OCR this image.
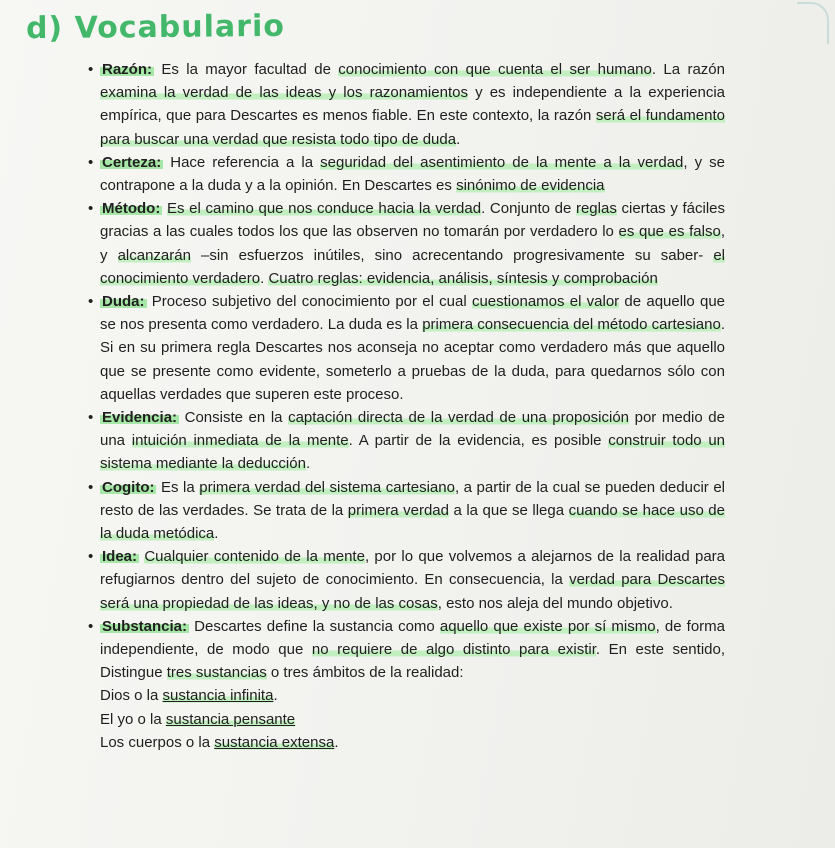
d) Vocabulario
• Razón: Es la mayor facultad de conocimiento con que cuenta el ser humano. La razón examina la verdad de las ideas y los razonamientos y es independiente a la experiencia empírica, que para Descartes es menos fiable. En este contexto, la razón será el fundamento para buscar una verdad que resista todo tipo de duda.
• Certeza: Hace referencia a la seguridad del asentimiento de la mente a la verdad, y se contrapone a la duda y a la opinión. En Descartes es sinónimo de evidencia
• Método: Es el camino que nos conduce hacia la verdad. Conjunto de reglas ciertas y fáciles gracias a las cuales todos los que las observen no tomarán por verdadero lo es que es falso, y alcanzarán –sin esfuerzos inútiles, sino acrecentando progresivamente su saber- el conocimiento verdadero. Cuatro reglas: evidencia, análisis, síntesis y comprobación
• Duda: Proceso subjetivo del conocimiento por el cual cuestionamos el valor de aquello que se nos presenta como verdadero. La duda es la primera consecuencia del método cartesiano. Si en su primera regla Descartes nos aconseja no aceptar como verdadero más que aquello que se presente como evidente, someterlo a pruebas de la duda, para quedarnos sólo con aquellas verdades que superen este proceso.
• Evidencia: Consiste en la captación directa de la verdad de una proposición por medio de una intuición inmediata de la mente. A partir de la evidencia, es posible construir todo un sistema mediante la deducción.
• Cogito: Es la primera verdad del sistema cartesiano, a partir de la cual se pueden deducir el resto de las verdades. Se trata de la primera verdad a la que se llega cuando se hace uso de la duda metódica.
• Idea: Cualquier contenido de la mente, por lo que volvemos a alejarnos de la realidad para refugiarnos dentro del sujeto de conocimiento. En consecuencia, la verdad para Descartes será una propiedad de las ideas, y no de las cosas, esto nos aleja del mundo objetivo.
• Substancia: Descartes define la sustancia como aquello que existe por sí mismo, de forma independiente, de modo que no requiere de algo distinto para existir. En este sentido, Distingue tres sustancias o tres ámbitos de la realidad:
Dios o la sustancia infinita.
El yo o la sustancia pensante
Los cuerpos o la sustancia extensa.
